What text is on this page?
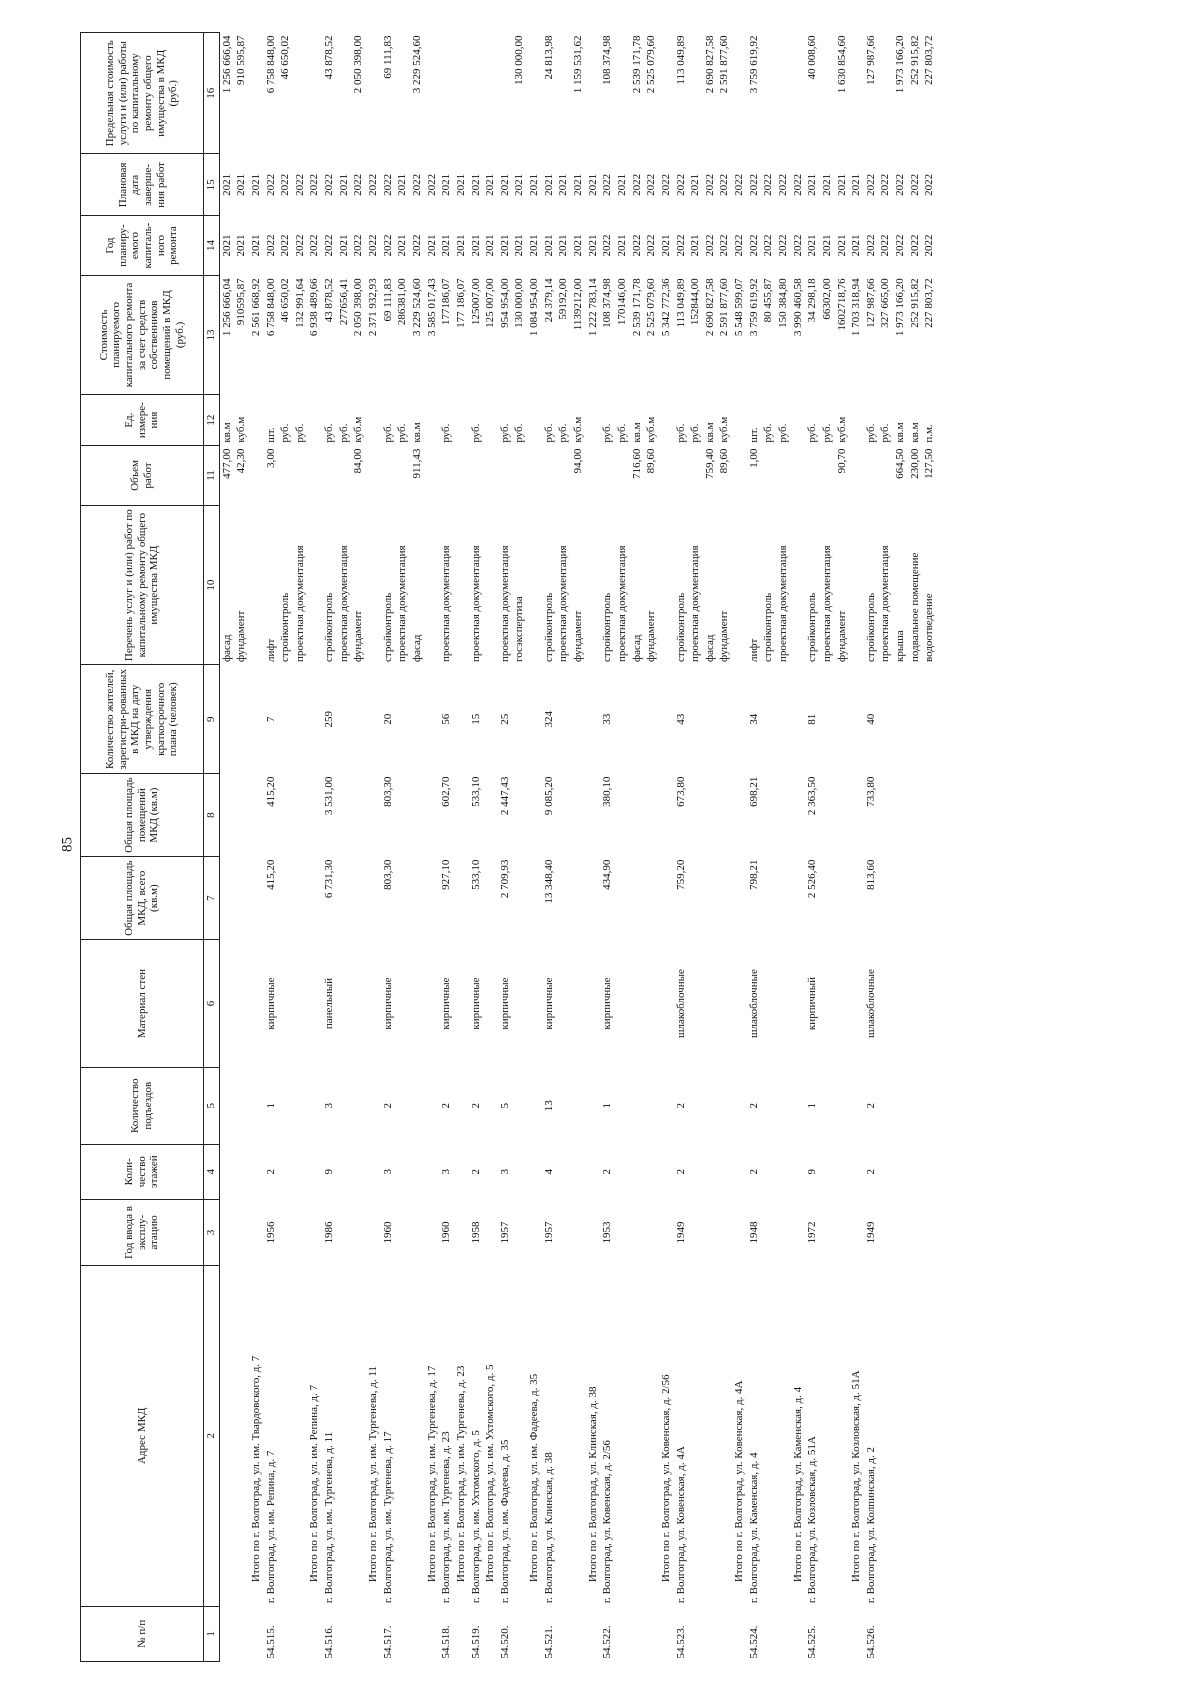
85
№ п/п	Адрес МКД	Год ввода в эксплу-атацию	Коли-чество этажей	Количество подъездов	Материал стен	Общая площадь МКД, всего (кв.м)	Общая площадь помещений МКД (кв.м)	Количество жителей, зарегистри-рованных в МКД на дату утверждения краткосрочного плана (человек)	Перечень услуг и (или) работ по капитальному ремонту общего имущества МКД	Объем работ	Ед. измере-ния	Стоимость планируемого капитального ремонта за счет средств собственников помещений в МКД (руб.)	Год планиру-емого капиталь-ного ремонта	Плановая дата заверше-ния работ	Предельная стоимость услуги и (или) работы по капитальному ремонту общего имущества в МКД (руб.)
1	2	3	4	5	6	7	8	9	10	11	12	13	14	15	16
									фасад	477,00	кв.м	1 256 666,04	2021	2021	1 256 666,04
									фундамент	42,30	куб.м	910595,87	2021	2021	910 595,87
	Итого по г. Волгоград, ул. им. Твардовского, д. 7											2 561 668,92	2021	2021	
54.515.	г. Волгоград, ул. им. Репина, д. 7	1956	2	1	кирпичные	415,20	415,20	7	лифт	3,00	шт.	6 758 848,00	2022	2022	6 758 848,00
									стройконтроль		руб.	46 650,02	2022	2022	46 650,02
									проектная документация		руб.	132 991,64	2022	2022	
	Итого по г. Волгоград, ул. им. Репина, д. 7											6 938 489,66	2022	2022	
54.516.	г. Волгоград, ул. им. Тургенева, д. 11	1986	9	3	панельный	6 731,30	3 531,00	259	стройконтроль		руб.	43 878,52	2022	2022	43 878,52
									проектная документация		руб.	277656,41	2021	2021	
									фундамент	84,00	куб.м	2 050 398,00	2022	2022	2 050 398,00
	Итого по г. Волгоград, ул. им. Тургенева, д. 11											2 371 932,93	2022	2022	
54.517.	г. Волгоград, ул. им. Тургенева, д. 17	1960	3	2	кирпичные	803,30	803,30	20	стройконтроль		руб.	69 111,83	2022	2022	69 111,83
									проектная документация		руб.	286381,00	2021	2021	
									фасад	911,43	кв.м	3 229 524,60	2022	2022	3 229 524,60
	Итого по г. Волгоград, ул. им. Тургенева, д. 17											3 585 017,43	2021	2022	
54.518.	г. Волгоград, ул. им. Тургенева, д. 23	1960	3	2	кирпичные	927,10	602,70	56	проектная документация		руб.	177186,07	2021	2021	
	Итого по г. Волгоград, ул. им. Тургенева, д. 23											177 186,07	2021	2021	
54.519.	г. Волгоград, ул. им. Ухтомского, д. 5	1958	2	2	кирпичные	533,10	533,10	15	проектная документация		руб.	125007,00	2021	2021	
	Итого по г. Волгоград, ул. им. Ухтомского, д. 5											125 007,00	2021	2021	
54.520.	г. Волгоград, ул. им. Фадеева, д. 35	1957	3	5	кирпичные	2 709,93	2 447,43	25	проектная документация		руб.	954 954,00	2021	2021	
									госэкспертиза		руб.	130 000,00	2021	2021	130 000,00
	Итого по г. Волгоград, ул. им. Фадеева, д. 35											1 084 954,00	2021	2021	
54.521.	г. Волгоград, ул. Клинская, д. 38	1957	4	13	кирпичные	13 348,40	9 085,20	324	стройконтроль		руб.	24 379,14	2021	2021	24 813,98
									проектная документация		руб.	59192,00	2021	2021	
									фундамент	94,00	куб.м	1139212,00	2021	2021	1 159 531,62
	Итого по г. Волгоград, ул. Клинская, д. 38											1 222 783,14	2021	2021	
54.522.	г. Волгоград, ул. Ковенская, д. 2/56	1953	2	1	кирпичные	434,90	380,10	33	стройконтроль		руб.	108 374,98	2022	2022	108 374,98
									проектная документация		руб.	170146,00	2021	2021	
									фасад	716,60	кв.м	2 539 171,78	2022	2022	2 539 171,78
									фундамент	89,60	куб.м	2 525 079,60	2022	2022	2 525 079,60
	Итого по г. Волгоград, ул. Ковенская, д. 2/56											5 342 772,36	2021	2022	
54.523.	г. Волгоград, ул. Ковенская, д. 4А	1949	2	2	шлакоблочные	759,20	673,80	43	стройконтроль		руб.	113 049,89	2022	2022	113 049,89
									проектная документация		руб.	152844,00	2021	2021	
									фасад	759,40	кв.м	2 690 827,58	2022	2022	2 690 827,58
									фундамент	89,60	куб.м	2 591 877,60	2022	2022	2 591 877,60
	Итого по г. Волгоград, ул. Ковенская, д. 4А											5 548 599,07	2022	2022	
54.524.	г. Волгоград, ул. Каменская, д. 4	1948	2	2	шлакоблочные	798,21	698,21	34	лифт	1,00	шт.	3 759 619,92	2022	2022	3 759 619,92
									стройконтроль		руб.	80 455,87	2022	2022	
									проектная документация		руб.	150 384,80	2022	2022	
	Итого по г. Волгоград, ул. Каменская, д. 4											3 990 460,58	2022	2022	
54.525.	г. Волгоград, ул. Козловская, д. 51А	1972	9	1	кирпичный	2 526,40	2 363,50	81	стройконтроль		руб.	34 298,18	2021	2021	40 008,60
									проектная документация		руб.	66302,00	2021	2021	
									фундамент	90,70	куб.м	1602718,76	2021	2021	1 630 854,60
	Итого по г. Волгоград, ул. Козловская, д. 51А											1 703 318,94	2021	2021	
54.526.	г. Волгоград, ул. Колпинская, д. 2	1949	2	2	шлакоблочные	813,60	733,80	40	стройконтроль		руб.	127 987,66	2022	2022	127 987,66
									проектная документация		руб.	327 665,00	2022	2022	
									крыша	664,50	кв.м	1 973 166,20	2022	2022	1 973 166,20
									подвальное помещение	230,00	кв.м	252 915,82	2022	2022	252 915,82
									водоотведение	127,50	п.м.	227 803,72	2022	2022	227 803,72
